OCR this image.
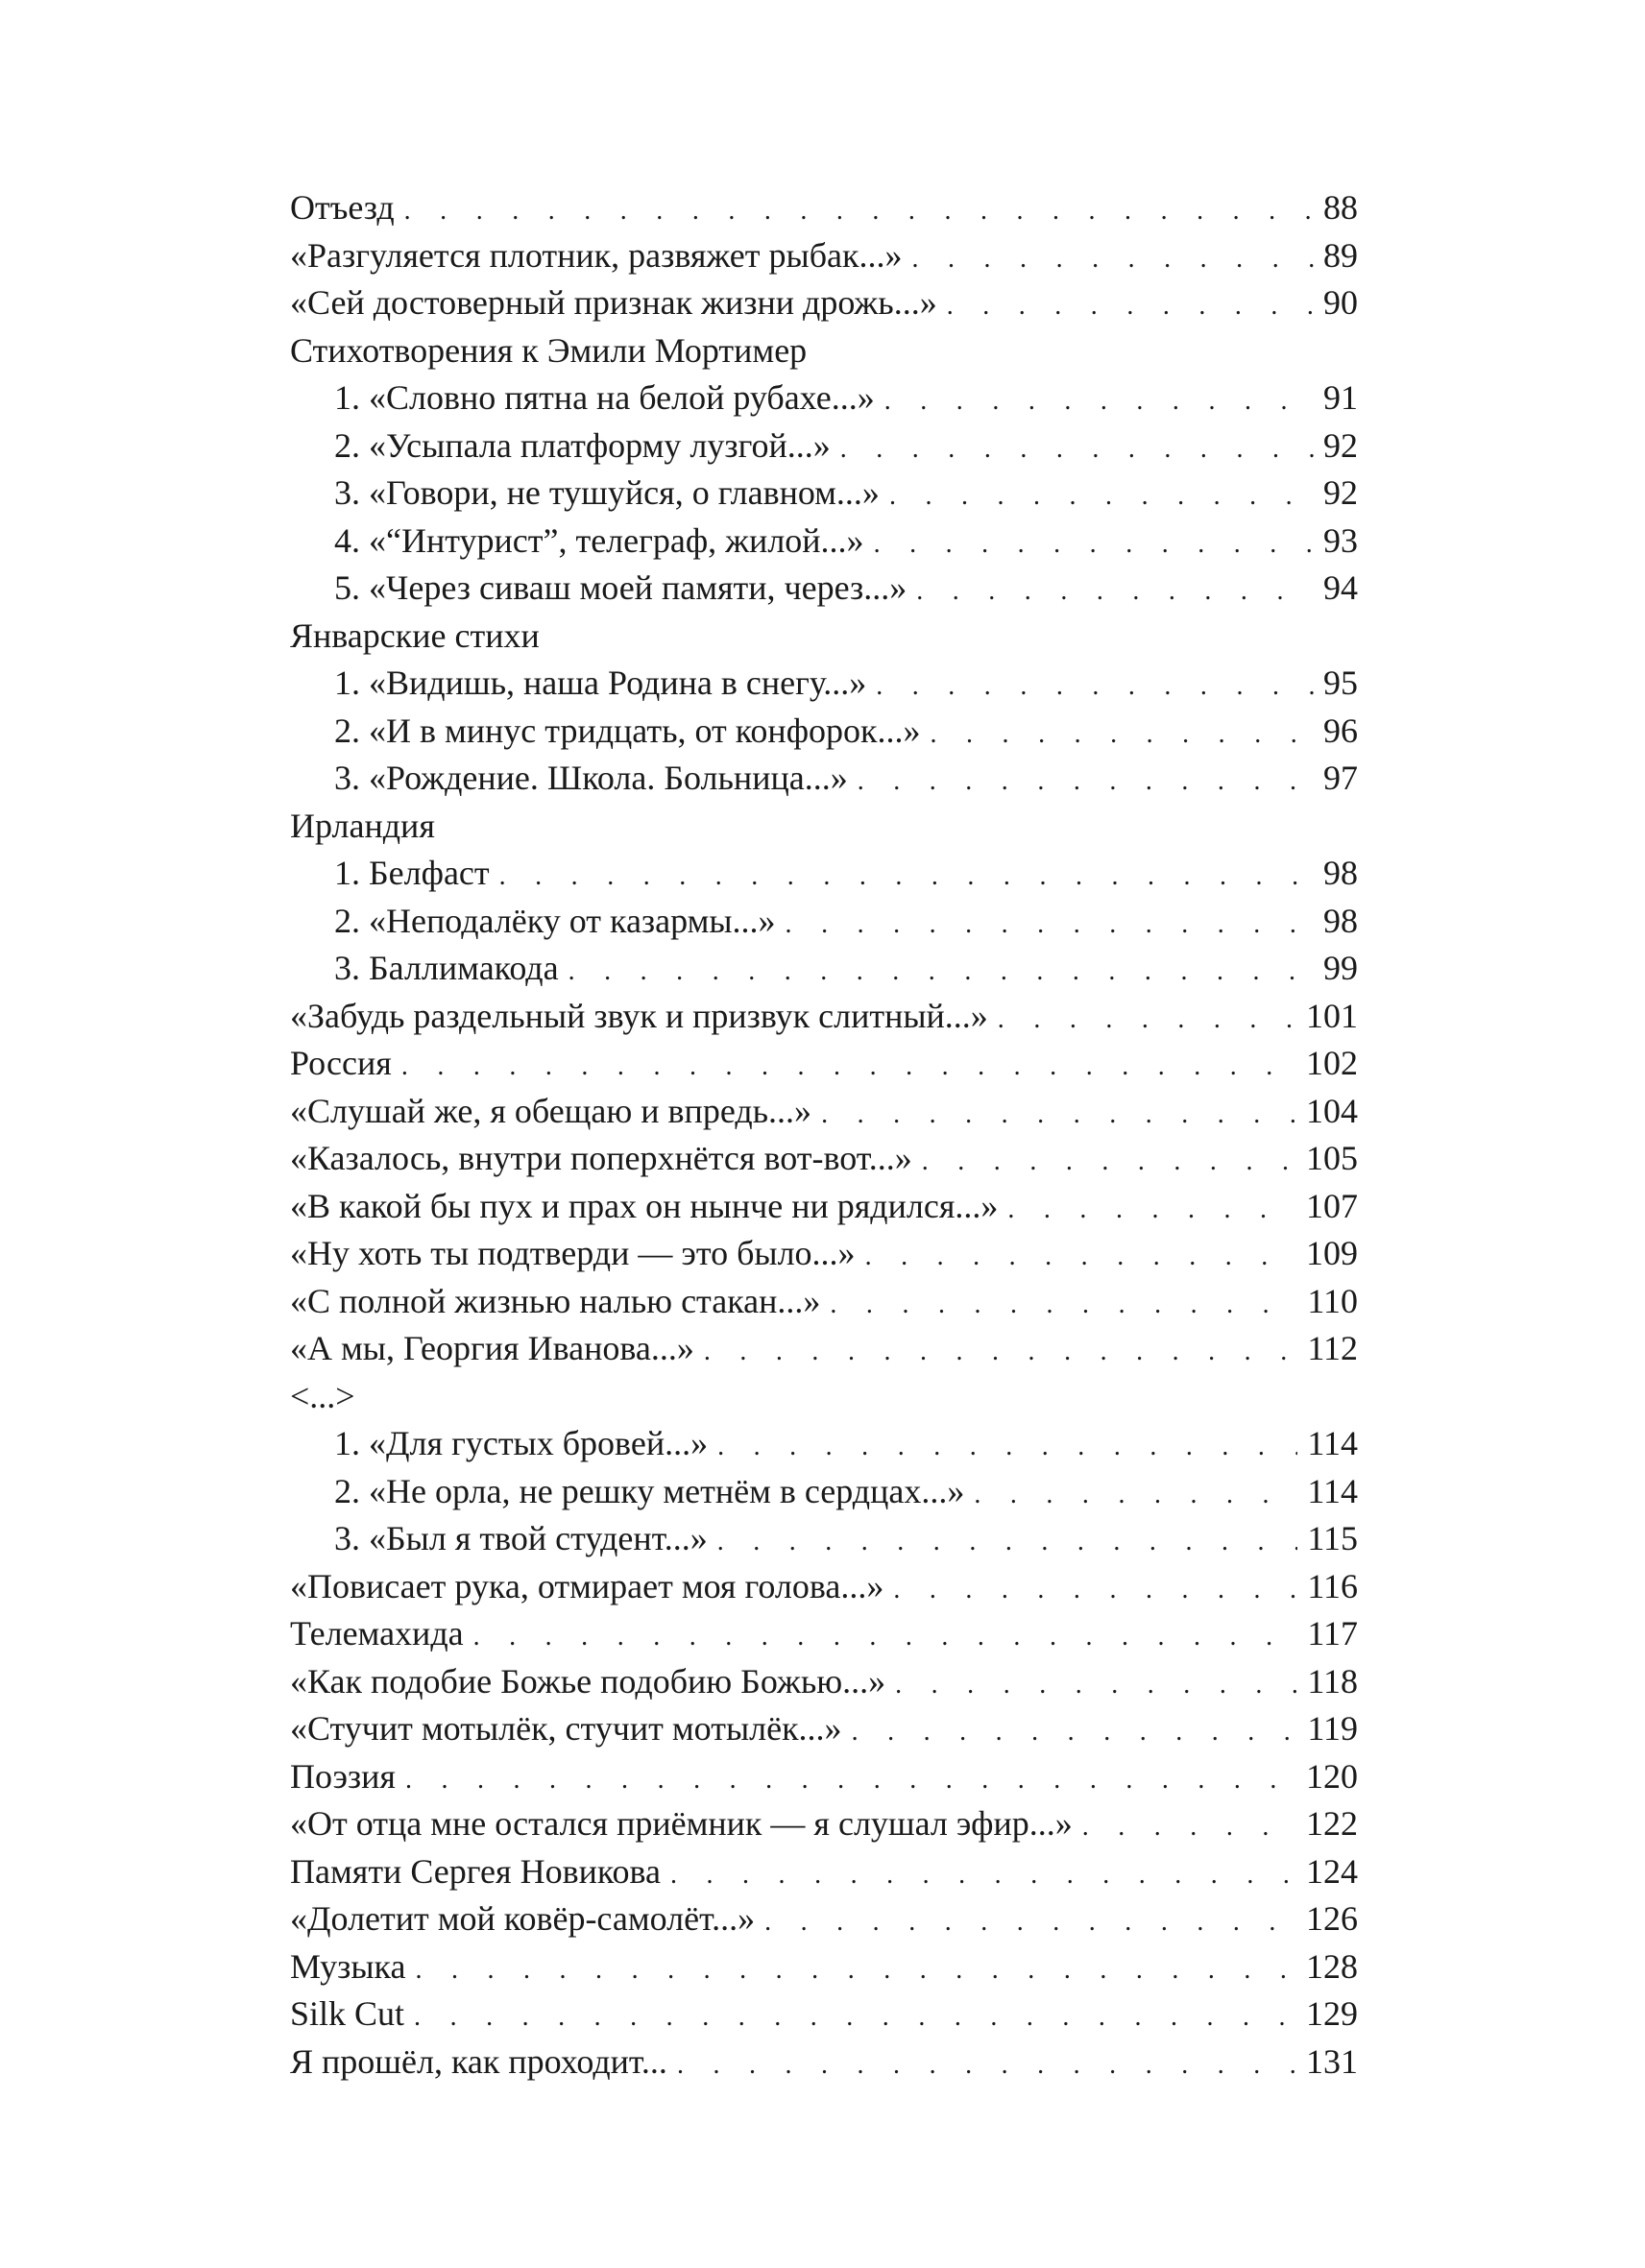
Отъезд . . .	88
«Разгуляется плотник, развяжет рыбак...» . . .	89
«Сей достоверный признак жизни дрожь...» . . .	90
Стихотворения к Эмили Мортимер
1. «Словно пятна на белой рубахе...» . . .	91
2. «Усыпала платформу лузгой...» . . .	92
3. «Говори, не тушуйся, о главном...» . . .	92
4. «“Интурист”, телеграф, жилой...» . . .	93
5. «Через сиваш моей памяти, через...» . . .	94
Январские стихи
1. «Видишь, наша Родина в снегу...» . . .	95
2. «И в минус тридцать, от конфорок...» . . .	96
3. «Рождение. Школа. Больница...» . . .	97
Ирландия
1. Белфаст . . .	98
2. «Неподалёку от казармы...» . . .	98
3. Баллимакода . . .	99
«Забудь раздельный звук и призвук слитный...» . . .	101
Россия . . .	102
«Слушай же, я обещаю и впредь...» . . .	104
«Казалось, внутри поперхнётся вот-вот...» . . .	105
«В какой бы пух и прах он нынче ни рядился...» . . .	107
«Ну хоть ты подтверди — это было...» . . .	109
«С полной жизнью налью стакан...» . . .	110
«А мы, Георгия Иванова...» . . .	112
<...>
1. «Для густых бровей...» . . .	114
2. «Не орла, не решку метнём в сердцах...» . . .	114
3. «Был я твой студент...» . . .	115
«Повисает рука, отмирает моя голова...» . . .	116
Телемахида . . .	117
«Как подобие Божье подобию Божью...» . . .	118
«Стучит мотылёк, стучит мотылёк...» . . .	119
Поэзия . . .	120
«От отца мне остался приёмник — я слушал эфир...» . . .	122
Памяти Сергея Новикова . . .	124
«Долетит мой ковёр-самолёт...» . . .	126
Музыка . . .	128
Silk Cut . . .	129
Я прошёл, как проходит... . . .	131
